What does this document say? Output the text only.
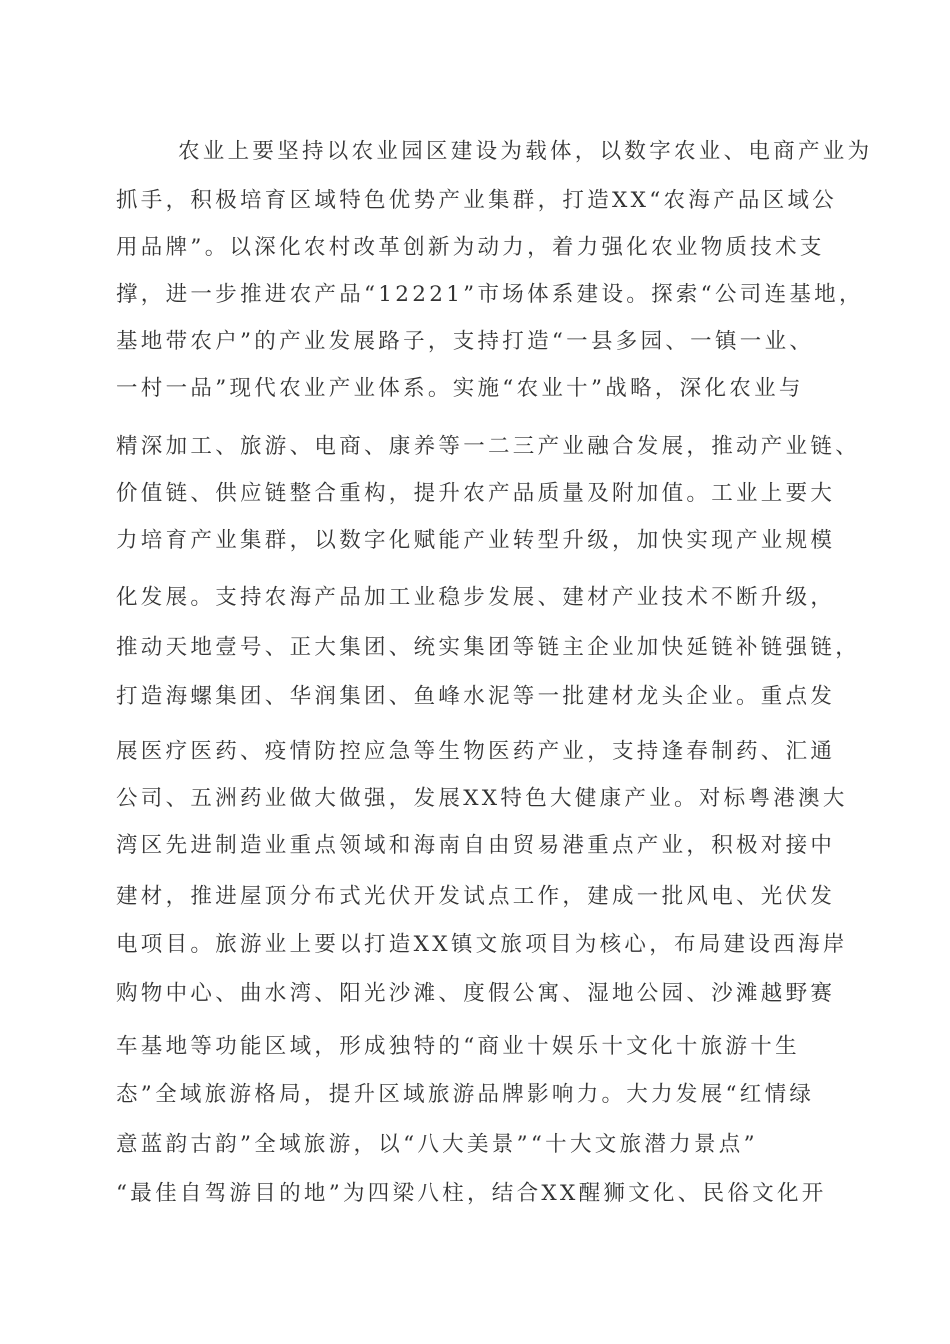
农业上要坚持以农业园区建设为载体，以数字农业、电商产业为
抓手，积极培育区域特色优势产业集群，打造XX“农海产品区域公
用品牌”。以深化农村改革创新为动力，着力强化农业物质技术支
撑，进一步推进农产品“12221”市场体系建设。探索“公司连基地，
基地带农户”的产业发展路子，支持打造“一县多园、一镇一业、
一村一品”现代农业产业体系。实施“农业十”战略，深化农业与
精深加工、旅游、电商、康养等一二三产业融合发展，推动产业链、
价值链、供应链整合重构，提升农产品质量及附加值。工业上要大
力培育产业集群，以数字化赋能产业转型升级，加快实现产业规模
化发展。支持农海产品加工业稳步发展、建材产业技术不断升级，
推动天地壹号、正大集团、统实集团等链主企业加快延链补链强链，
打造海螺集团、华润集团、鱼峰水泥等一批建材龙头企业。重点发
展医疗医药、疫情防控应急等生物医药产业，支持逢春制药、汇通
公司、五洲药业做大做强，发展XX特色大健康产业。对标粤港澳大
湾区先进制造业重点领域和海南自由贸易港重点产业，积极对接中
建材，推进屋顶分布式光伏开发试点工作，建成一批风电、光伏发
电项目。旅游业上要以打造XX镇文旅项目为核心，布局建设西海岸
购物中心、曲水湾、阳光沙滩、度假公寓、湿地公园、沙滩越野赛
车基地等功能区域，形成独特的“商业十娱乐十文化十旅游十生
态”全域旅游格局，提升区域旅游品牌影响力。大力发展“红情绿
意蓝韵古韵”全域旅游，以“八大美景”“十大文旅潜力景点”
“最佳自驾游目的地”为四梁八柱，结合XX醒狮文化、民俗文化开
